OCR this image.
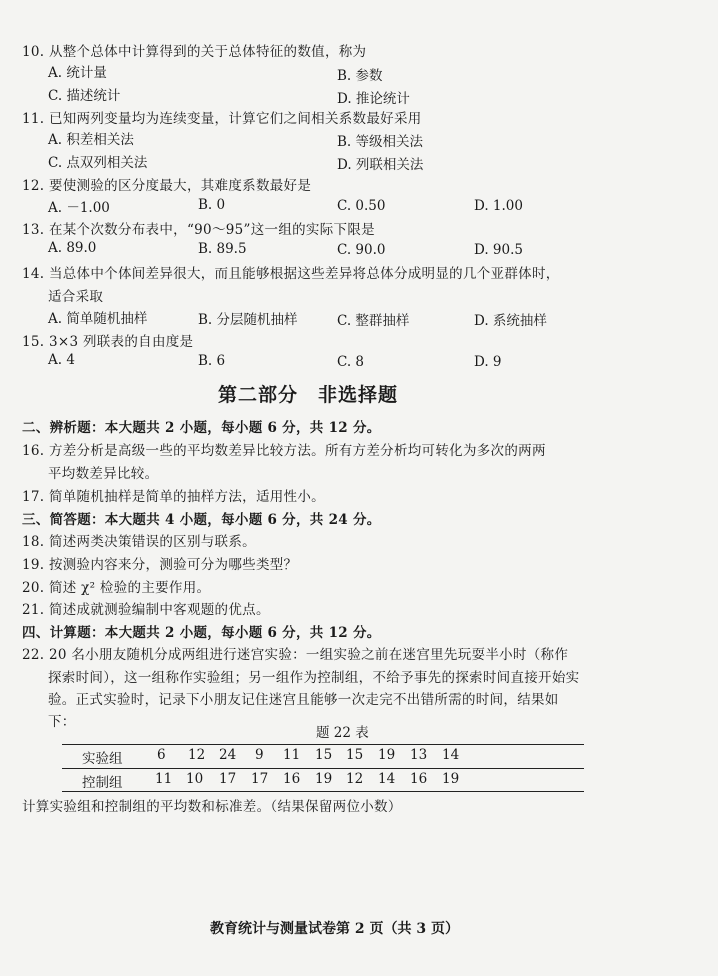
10. 从整个总体中计算得到的关于总体特征的数值，称为
A. 统计量	B. 参数
C. 描述统计	D. 推论统计
11. 已知两列变量均为连续变量，计算它们之间相关系数最好采用
A. 积差相关法	B. 等级相关法
C. 点双列相关法	D. 列联相关法
12. 要使测验的区分度最大，其难度系数最好是
A. －1.00	B. 0	C. 0.50	D. 1.00
13. 在某个次数分布表中，“90～95”这一组的实际下限是
A. 89.0	B. 89.5	C. 90.0	D. 90.5
14. 当总体中个体间差异很大，而且能够根据这些差异将总体分成明显的几个亚群体时，
适合采取
A. 简单随机抽样	B. 分层随机抽样	C. 整群抽样	D. 系统抽样
15. 3×3 列联表的自由度是
A. 4	B. 6	C. 8	D. 9
第二部分　非选择题
二、辨析题：本大题共 2 小题，每小题 6 分，共 12 分。
16. 方差分析是高级一些的平均数差异比较方法。所有方差分析均可转化为多次的两两
平均数差异比较。
17. 简单随机抽样是简单的抽样方法，适用性小。
三、简答题：本大题共 4 小题，每小题 6 分，共 24 分。
18. 简述两类决策错误的区别与联系。
19. 按测验内容来分，测验可分为哪些类型？
20. 简述 χ² 检验的主要作用。
21. 简述成就测验编制中客观题的优点。
四、计算题：本大题共 2 小题，每小题 6 分，共 12 分。
22. 20 名小朋友随机分成两组进行迷宫实验：一组实验之前在迷宫里先玩耍半小时（称作
探索时间），这一组称作实验组；另一组作为控制组，不给予事先的探索时间直接开始实
验。正式实验时，记录下小朋友记住迷宫且能够一次走完不出错所需的时间，结果如
下：
题 22 表
实验组	6 12 24 9 11 15 15 19 13 14
控制组 11 10 17 17 16 19 12 14 16 19
计算实验组和控制组的平均数和标准差。（结果保留两位小数）
教育统计与测量试卷第 2 页（共 3 页）
